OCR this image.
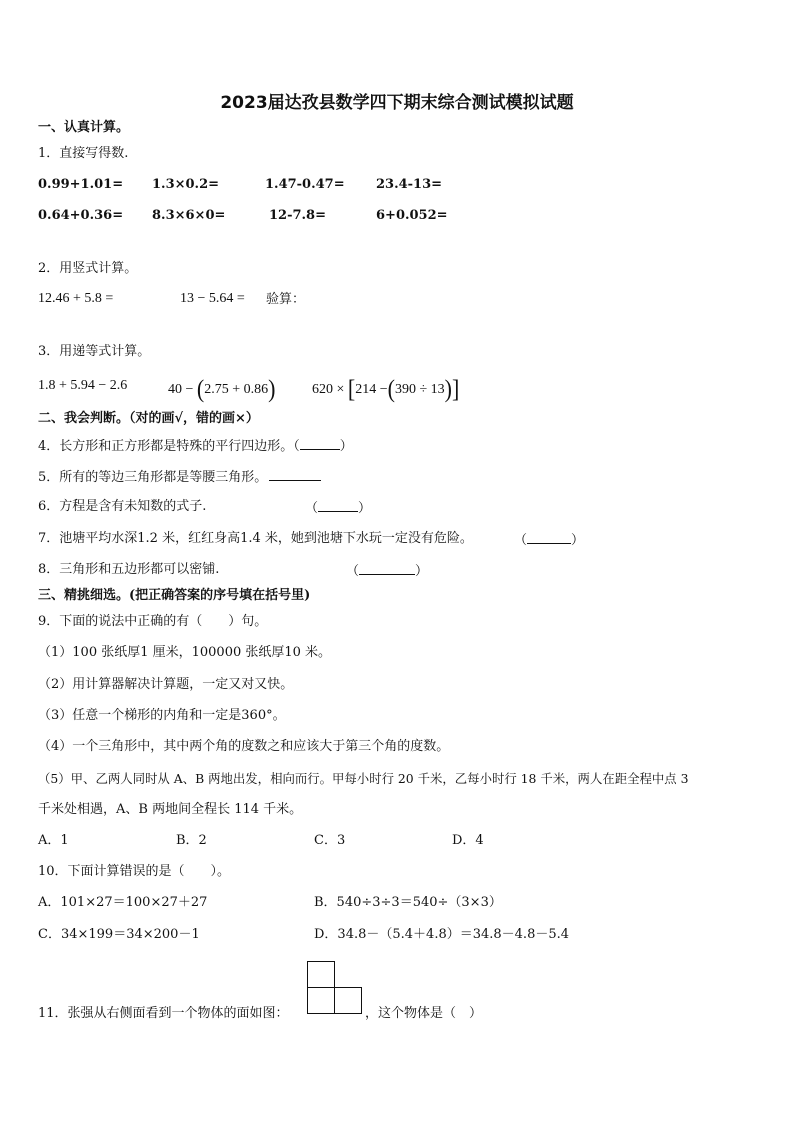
2023届达孜县数学四下期末综合测试模拟试题
一、认真计算。
1．直接写得数.
0.99+1.01= 1.3×0.2=	1.47-0.47= 23.4-13=
0.64+0.36= 8.3×6×0=	12-7.8=	6+0.052=
2．用竖式计算。
12.46 + 5.8 =	13 − 5.64 = 验算：
3．用递等式计算。
1.8 + 5.94 − 2.6	40 − (2.75 + 0.86)	620 × [214 −(390 ÷ 13)]
二、我会判断。（对的画√，错的画×）
4．长方形和正方形都是特殊的平行四边形。（	）
5．所有的等边三角形都是等腰三角形。
6．方程是含有未知数的式子.	（	）
7．池塘平均水深1.2 米，红红身高1.4 米，她到池塘下水玩一定没有危险。	（	）
8．三角形和五边形都可以密铺.	（	）
三、精挑细选。(把正确答案的序号填在括号里)
9．下面的说法中正确的有（　　）句。
（1）100 张纸厚1 厘米，100000 张纸厚10 米。
（2）用计算器解决计算题，一定又对又快。
（3）任意一个梯形的内角和一定是360°。
（4）一个三角形中，其中两个角的度数之和应该大于第三个角的度数。
（5）甲、乙两人同时从 A、B 两地出发，相向而行。甲每小时行 20 千米，乙每小时行 18 千米，两人在距全程中点 3
千米处相遇，A、B 两地间全程长 114 千米。
A．1	B．2	C．3	D．4
10．下面计算错误的是（　　）。
A．101×27＝100×27＋27	B．540÷3÷3＝540÷（3×3）
C．34×199＝34×200－1	D．34.8－（5.4＋4.8）＝34.8－4.8－5.4
11．张强从右侧面看到一个物体的面如图：	，这个物体是（　）
